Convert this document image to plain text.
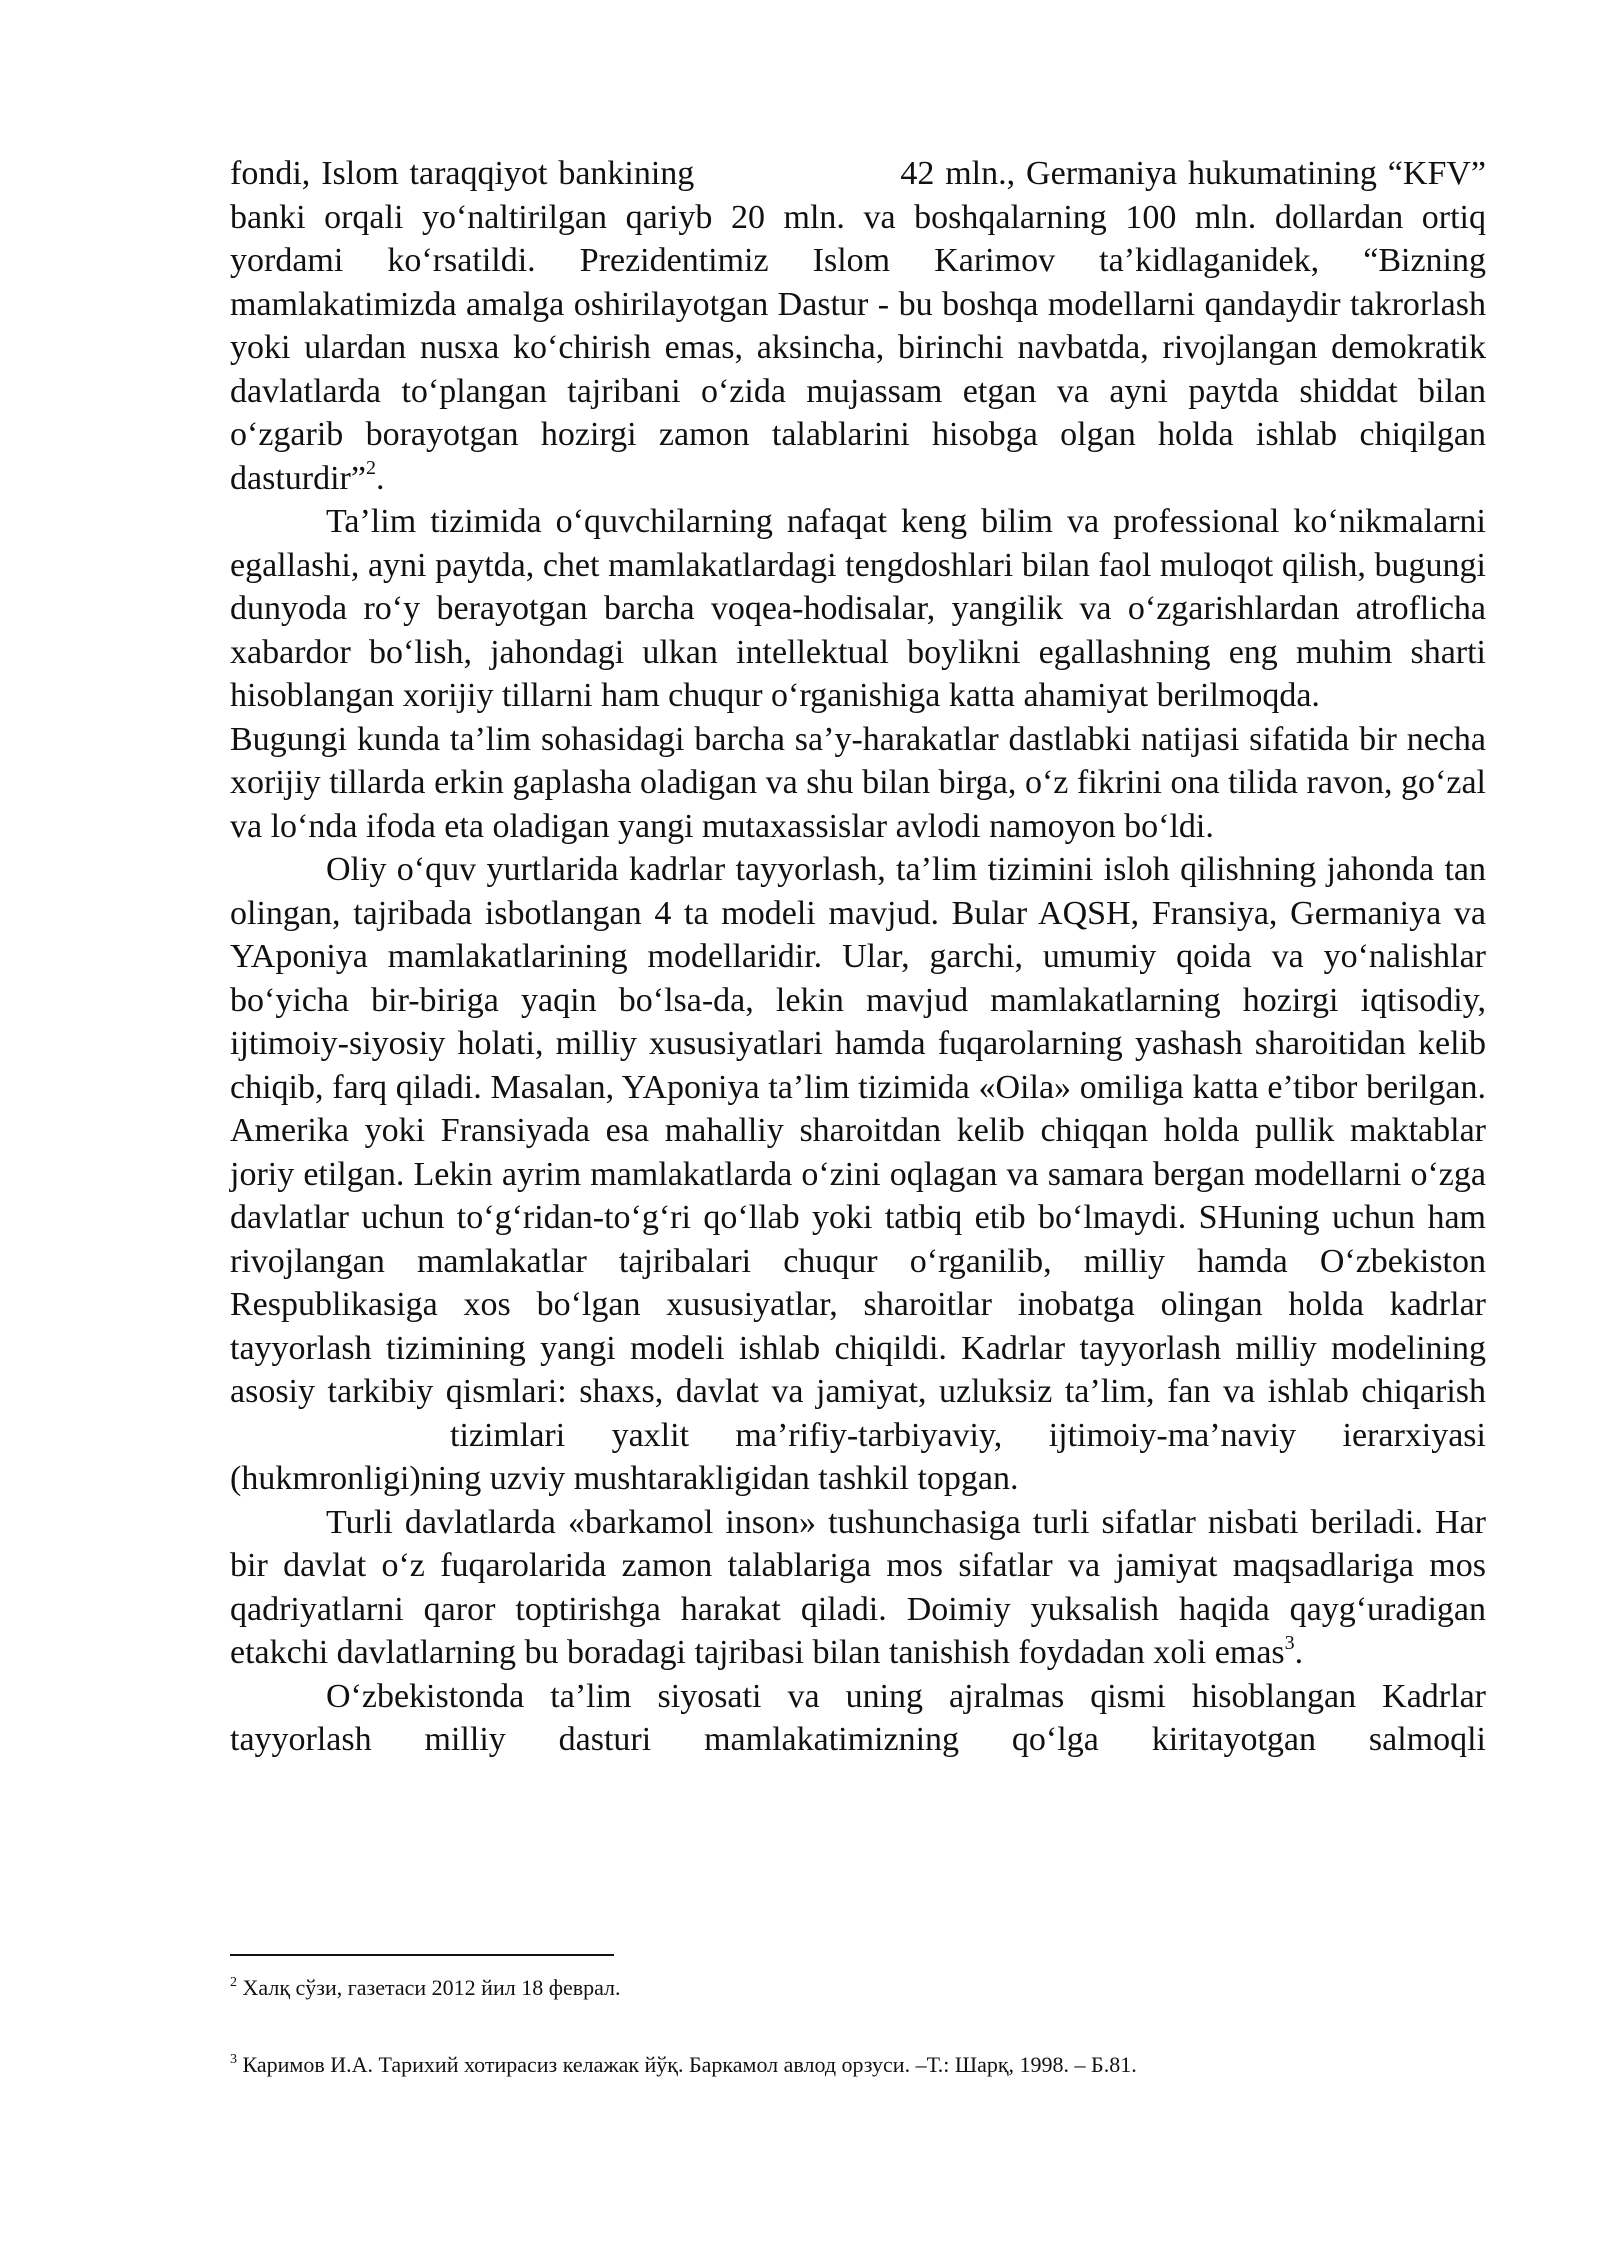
fondi, Islom taraqqiyot bankining	42 mln., Germaniya hukumatining “KFV” banki orqali yo‘naltirilgan qariyb 20 mln. va boshqalarning 100 mln. dollardan ortiq yordami ko‘rsatildi. Prezidentimiz Islom Karimov ta’kidlaganidek, “Bizning mamlakatimizda amalga oshirilayotgan Dastur - bu boshqa modellarni qandaydir takrorlash yoki ulardan nusxa ko‘chirish emas, aksincha, birinchi navbatda, rivojlangan demokratik davlatlarda to‘plangan tajribani o‘zida mujassam etgan va ayni paytda shiddat bilan o‘zgarib borayotgan hozirgi zamon talablarini hisobga olgan holda ishlab chiqilgan dasturdir”$^2$.

Ta’lim tizimida o‘quvchilarning nafaqat keng bilim va professional ko‘nikmalarni egallashi, ayni paytda, chet mamlakatlardagi tengdoshlari bilan faol muloqot qilish, bugungi dunyoda ro‘y berayotgan barcha voqea-hodisalar, yangilik va o‘zgarishlardan atroflicha xabardor bo‘lish, jahondagi ulkan intellektual boylikni egallashning eng muhim sharti hisoblangan xorijiy tillarni ham chuqur o‘rganishiga katta ahamiyat berilmoqda.

Bugungi kunda ta’lim sohasidagi barcha sa’y-harakatlar dastlabki natijasi sifatida bir necha xorijiy tillarda erkin gaplasha oladigan va shu bilan birga, o‘z fikrini ona tilida ravon, go‘zal va lo‘nda ifoda eta oladigan yangi mutaxassislar avlodi namoyon bo‘ldi.

Oliy o‘quv yurtlarida kadrlar tayyorlash, ta’lim tizimini isloh qilishning jahonda tan olingan, tajribada isbotlangan 4 ta modeli mavjud. Bular AQSH, Fransiya, Germaniya va YAponiya mamlakatlarining modellaridir. Ular, garchi, umumiy qoida va yo‘nalishlar bo‘yicha bir-biriga yaqin bo‘lsa-da, lekin mavjud mamlakatlarning hozirgi iqtisodiy, ijtimoiy-siyosiy holati, milliy xususiyatlari hamda fuqarolarning yashash sharoitidan kelib chiqib, farq qiladi. Masalan, YAponiya ta’lim tizimida «Oila» omiliga katta e’tibor berilgan. Amerika yoki Fransiyada esa mahalliy sharoitdan kelib chiqqan holda pullik maktablar joriy etilgan. Lekin ayrim mamlakatlarda o‘zini oqlagan va samara bergan modellarni o‘zga davlatlar uchun to‘g‘ridan-to‘g‘ri qo‘llab yoki tatbiq etib bo‘lmaydi. SHuning uchun ham rivojlangan mamlakatlar tajribalari chuqur o‘rganilib, milliy hamda O‘zbekiston Respublikasiga xos bo‘lgan xususiyatlar, sharoitlar inobatga olingan holda kadrlar tayyorlash tizimining yangi modeli ishlab chiqildi. Kadrlar tayyorlash milliy modelining asosiy tarkibiy qismlari: shaxs, davlat va jamiyat, uzluksiz ta’lim, fan va ishlab chiqarishtizimlari yaxlit ma’rifiy-tarbiyaviy, ijtimoiy-ma’naviy ierarxiyasi (hukmronligi)ning uzviy mushtarakligidan tashkil topgan.

Turli davlatlarda «barkamol inson» tushunchasiga turli sifatlar nisbati beriladi. Har bir davlat o‘z fuqarolarida zamon talablariga mos sifatlar va jamiyat maqsadlariga mos qadriyatlarni qaror toptirishga harakat qiladi. Doimiy yuksalish haqida qayg‘uradigan etakchi davlatlarning bu boradagi tajribasi bilan tanishish foydadan xoli emas$^3$.

O‘zbekistonda ta’lim siyosati va uning ajralmas qismi hisoblangan Kadrlar tayyorlash milliy dasturi mamlakatimizning qo‘lga kiritayotgan salmoqli

$^2$ Халқ сўзи, газетаси 2012 йил 18 феврал.

$^3$ Каримов И.А. Тарихий хотирасиз келажак йўқ. Баркамол авлод орзуси. –Т.: Шарқ, 1998. – Б.81.
